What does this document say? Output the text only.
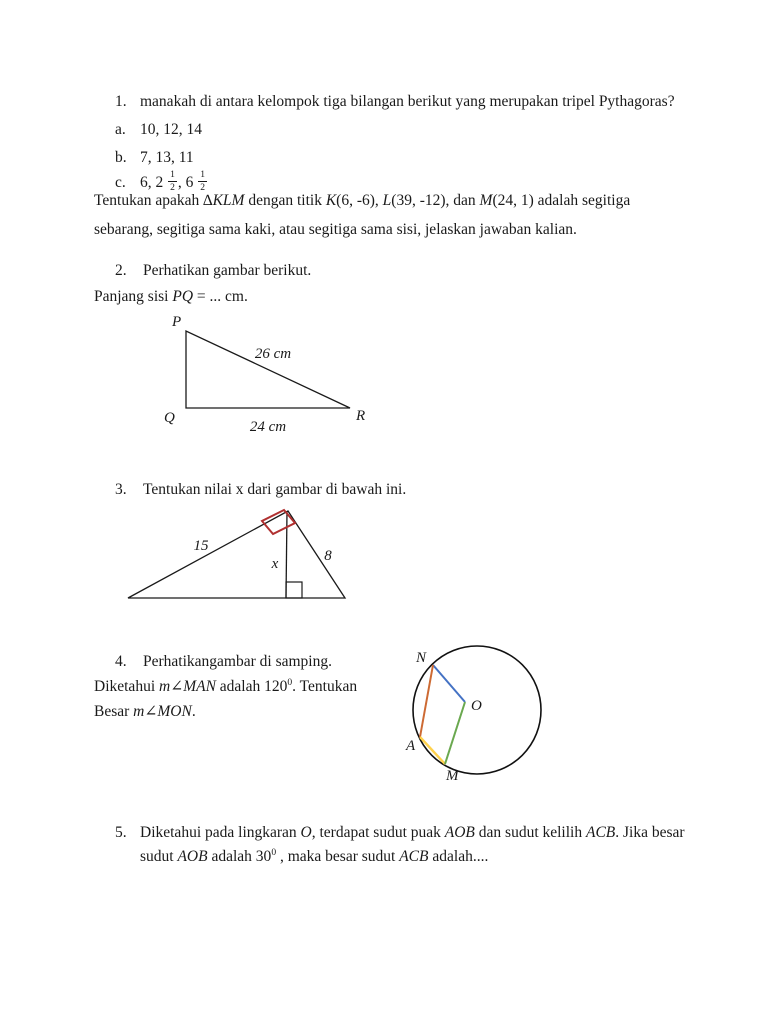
1. manakah di antara kelompok tiga bilangan berikut yang merupakan tripel Pythagoras?
a. 10, 12, 14
b. 7, 13, 11
c. 6, $2 \frac{1}{2}$ , $6 \frac{1}{2}$
Tentukan apakah ∆KLM dengan titik K(6, -6), L(39, -12), dan M(24, 1) adalah segitiga
sebarang, segitiga sama kaki, atau segitiga sama sisi, jelaskan jawaban kalian.
2. Perhatikan gambar berikut.
Panjang sisi PQ = ... cm.
P
Q	R
26 cm
24 cm
3. Tentukan nilai x dari gambar di bawah ini.
15
x	8
4. Perhatikangambar di samping.
Diketahui m∠MAN adalah $120^0$. Tentukan
Besar m∠MON.
N
O
A
M
5. Diketahui pada lingkaran O, terdapat sudut puak AOB dan sudut kelilih ACB. Jika besar
sudut AOB adalah $30^0$ , maka besar sudut ACB adalah....
